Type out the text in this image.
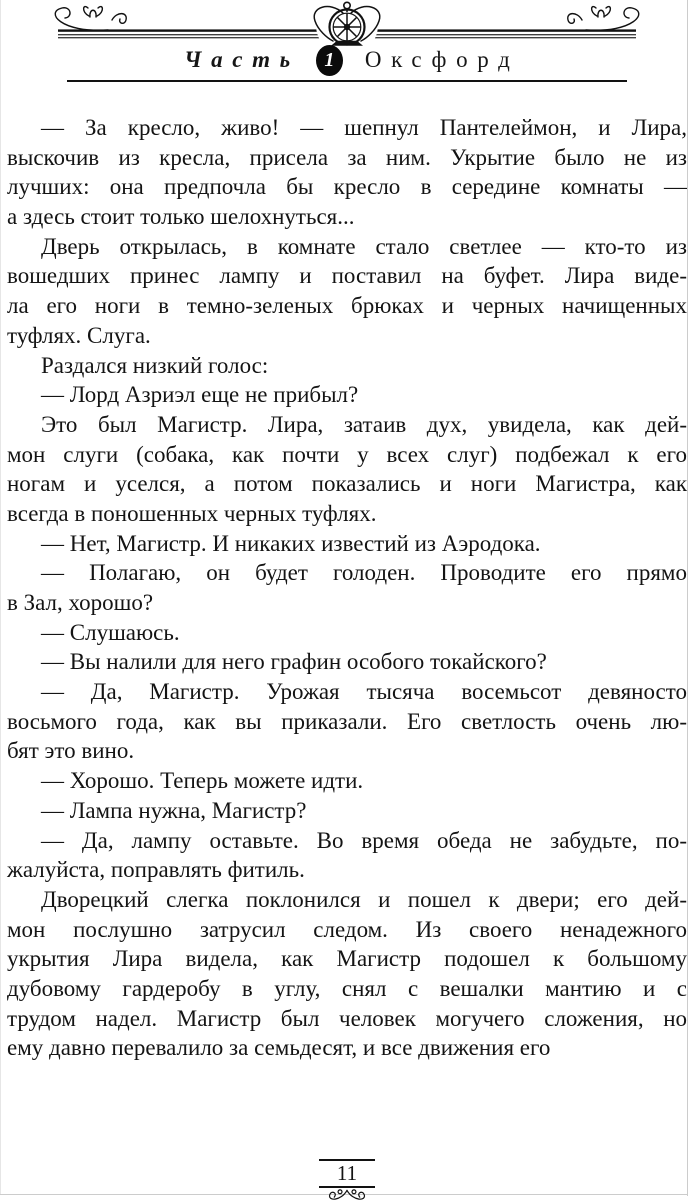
Часть 1 Оксфорд
— За кресло, живо! — шепнул Пантелеймон, и Лира,
выскочив из кресла, присела за ним. Укрытие было не из
лучших: она предпочла бы кресло в середине комнаты —
а здесь стоит только шелохнуться...
Дверь открылась, в комнате стало светлее — кто-то из
вошедших принес лампу и поставил на буфет. Лира виде-
ла его ноги в темно-зеленых брюках и черных начищенных
туфлях. Слуга.
Раздался низкий голос:
— Лорд Азриэл еще не прибыл?
Это был Магистр. Лира, затаив дух, увидела, как дей-
мон слуги (собака, как почти у всех слуг) подбежал к его
ногам и уселся, а потом показались и ноги Магистра, как
всегда в поношенных черных туфлях.
— Нет, Магистр. И никаких известий из Аэродока.
— Полагаю, он будет голоден. Проводите его прямо
в Зал, хорошо?
— Слушаюсь.
— Вы налили для него графин особого токайского?
— Да, Магистр. Урожая тысяча восемьсот девяносто
восьмого года, как вы приказали. Его светлость очень лю-
бят это вино.
— Хорошо. Теперь можете идти.
— Лампа нужна, Магистр?
— Да, лампу оставьте. Во время обеда не забудьте, по-
жалуйста, поправлять фитиль.
Дворецкий слегка поклонился и пошел к двери; его дей-
мон послушно затрусил следом. Из своего ненадежного
укрытия Лира видела, как Магистр подошел к большому
дубовому гардеробу в углу, снял с вешалки мантию и с
трудом надел. Магистр был человек могучего сложения, но
ему давно перевалило за семьдесят, и все движения его
11
